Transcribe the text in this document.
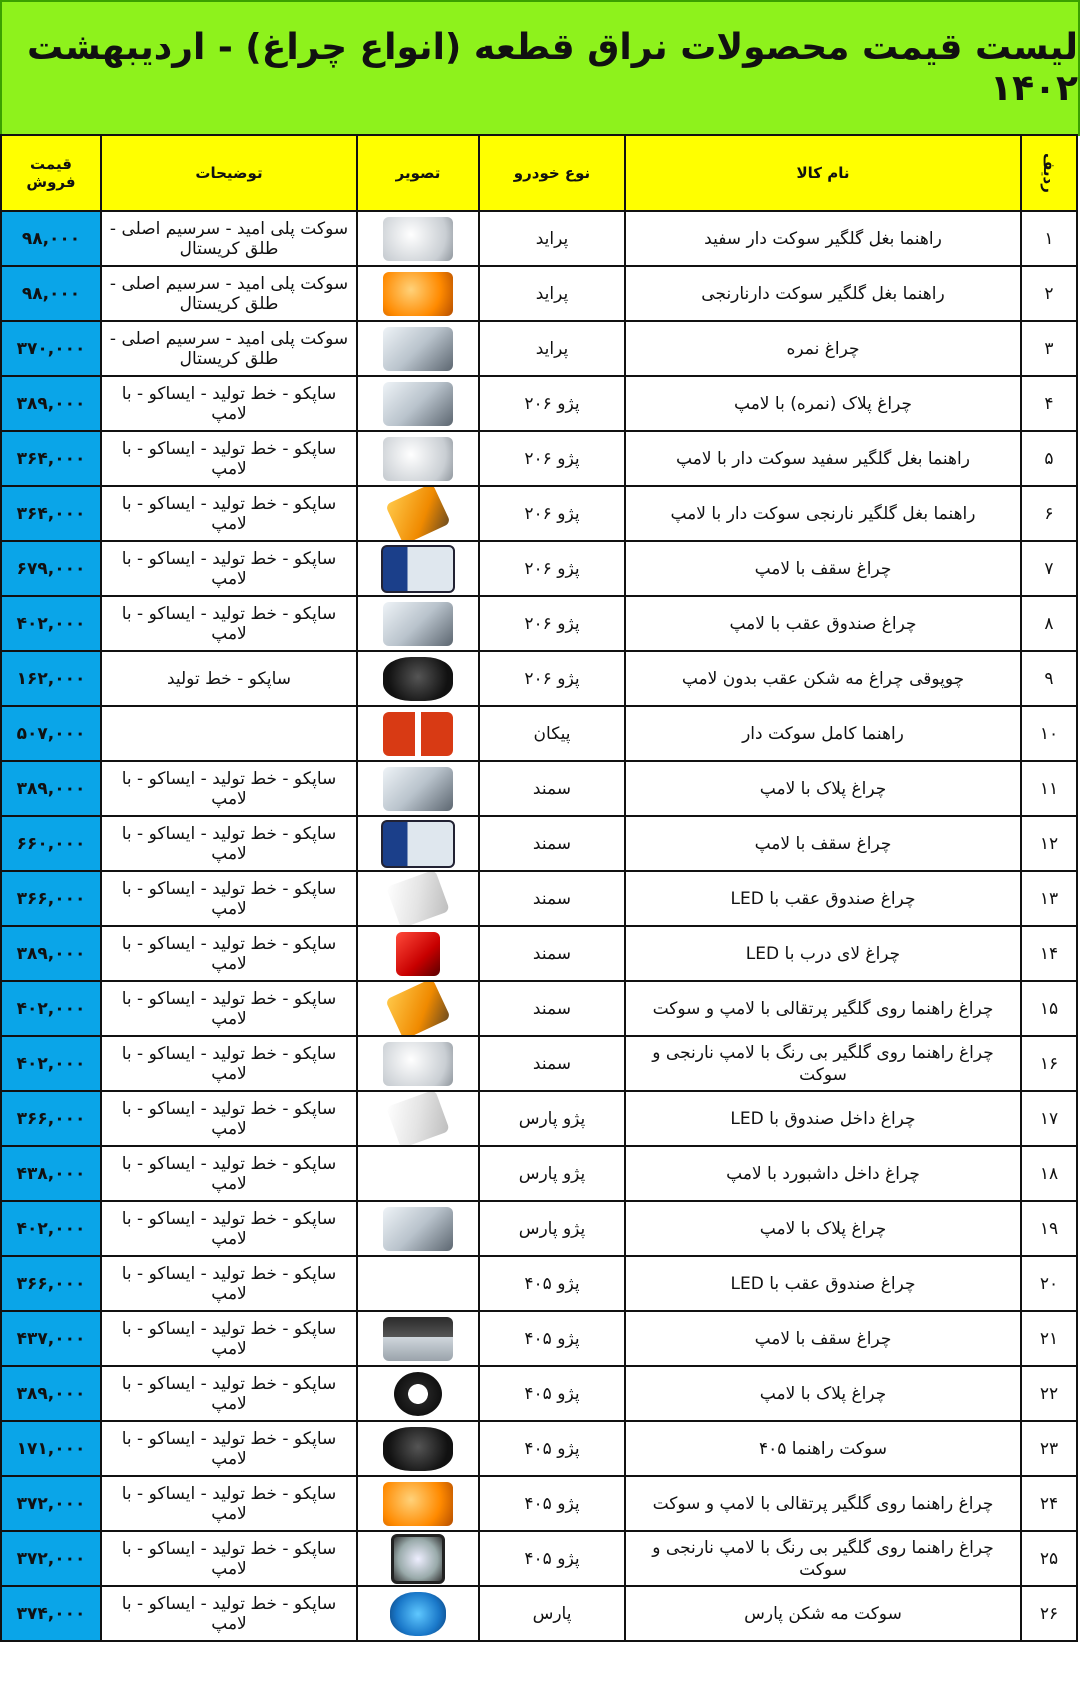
لیست قیمت محصولات نراق قطعه (انواع چراغ) - اردیبهشت ۱۴۰۲
ردیف	نام کالا	نوع خودرو	تصویر	توضیحات	قیمت فروش
۱	راهنما بغل گلگیر سوکت دار سفید	پراید		سوکت پلی امید - سرسیم اصلی - طلق کریستال	۹۸,۰۰۰
۲	راهنما بغل گلگیر سوکت دارنارنجی	پراید		سوکت پلی امید - سرسیم اصلی - طلق کریستال	۹۸,۰۰۰
۳	چراغ نمره	پراید		سوکت پلی امید - سرسیم اصلی - طلق کریستال	۳۷۰,۰۰۰
۴	چراغ پلاک (نمره) با لامپ	پژو ۲۰۶		ساپکو - خط تولید - ایساکو - با لامپ	۳۸۹,۰۰۰
۵	راهنما بغل گلگیر سفید سوکت دار با لامپ	پژو ۲۰۶		ساپکو - خط تولید - ایساکو - با لامپ	۳۶۴,۰۰۰
۶	راهنما بغل گلگیر نارنجی سوکت دار با لامپ	پژو ۲۰۶		ساپکو - خط تولید - ایساکو - با لامپ	۳۶۴,۰۰۰
۷	چراغ سقف با لامپ	پژو ۲۰۶		ساپکو - خط تولید - ایساکو - با لامپ	۶۷۹,۰۰۰
۸	چراغ صندوق عقب با لامپ	پژو ۲۰۶		ساپکو - خط تولید - ایساکو - با لامپ	۴۰۲,۰۰۰
۹	چوپوقی چراغ مه شکن عقب بدون لامپ	پژو ۲۰۶		ساپکو - خط تولید	۱۶۲,۰۰۰
۱۰	راهنما کامل سوکت دار	پیکان			۵۰۷,۰۰۰
۱۱	چراغ پلاک با لامپ	سمند		ساپکو - خط تولید - ایساکو - با لامپ	۳۸۹,۰۰۰
۱۲	چراغ سقف با لامپ	سمند		ساپکو - خط تولید - ایساکو - با لامپ	۶۶۰,۰۰۰
۱۳	چراغ صندوق عقب با LED	سمند		ساپکو - خط تولید - ایساکو - با لامپ	۳۶۶,۰۰۰
۱۴	چراغ لای درب با LED	سمند		ساپکو - خط تولید - ایساکو - با لامپ	۳۸۹,۰۰۰
۱۵	چراغ راهنما روی گلگیر پرتقالی با لامپ و سوکت	سمند		ساپکو - خط تولید - ایساکو - با لامپ	۴۰۲,۰۰۰
۱۶	چراغ راهنما روی گلگیر بی رنگ با لامپ نارنجی و سوکت	سمند		ساپکو - خط تولید - ایساکو - با لامپ	۴۰۲,۰۰۰
۱۷	چراغ داخل صندوق با LED	پژو پارس		ساپکو - خط تولید - ایساکو - با لامپ	۳۶۶,۰۰۰
۱۸	چراغ داخل داشبورد با لامپ	پژو پارس		ساپکو - خط تولید - ایساکو - با لامپ	۴۳۸,۰۰۰
۱۹	چراغ پلاک با لامپ	پژو پارس		ساپکو - خط تولید - ایساکو - با لامپ	۴۰۲,۰۰۰
۲۰	چراغ صندوق عقب با LED	پژو ۴۰۵		ساپکو - خط تولید - ایساکو - با لامپ	۳۶۶,۰۰۰
۲۱	چراغ سقف با لامپ	پژو ۴۰۵		ساپکو - خط تولید - ایساکو - با لامپ	۴۳۷,۰۰۰
۲۲	چراغ پلاک با لامپ	پژو ۴۰۵		ساپکو - خط تولید - ایساکو - با لامپ	۳۸۹,۰۰۰
۲۳	سوکت راهنما ۴۰۵	پژو ۴۰۵		ساپکو - خط تولید - ایساکو - با لامپ	۱۷۱,۰۰۰
۲۴	چراغ راهنما روی گلگیر پرتقالی با لامپ و سوکت	پژو ۴۰۵		ساپکو - خط تولید - ایساکو - با لامپ	۳۷۲,۰۰۰
۲۵	چراغ راهنما روی گلگیر بی رنگ با لامپ نارنجی و سوکت	پژو ۴۰۵		ساپکو - خط تولید - ایساکو - با لامپ	۳۷۲,۰۰۰
۲۶	سوکت مه شکن پارس	پارس		ساپکو - خط تولید - ایساکو - با لامپ	۳۷۴,۰۰۰
